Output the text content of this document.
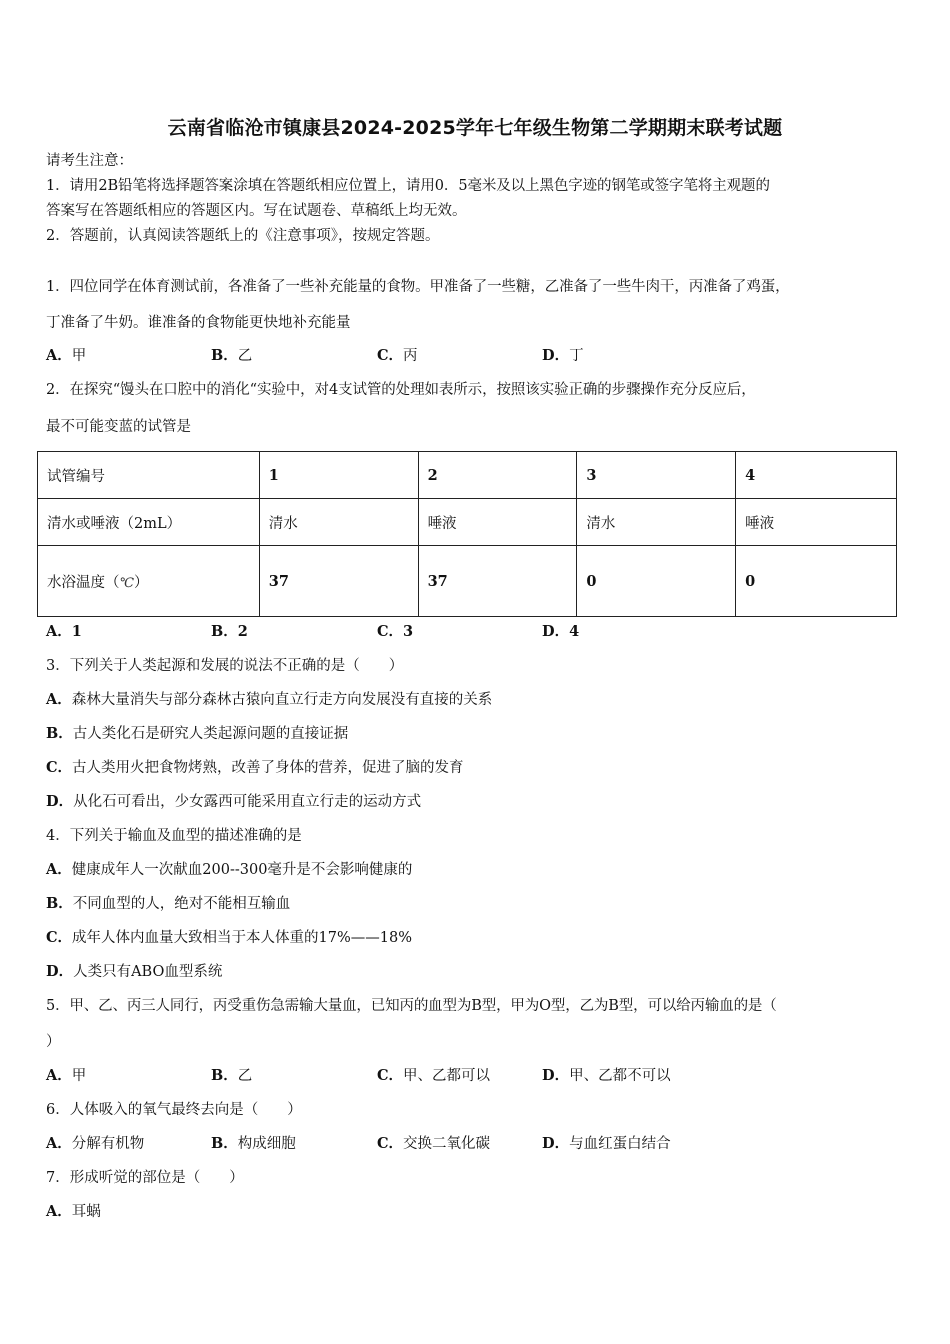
云南省临沧市镇康县2024-2025学年七年级生物第二学期期末联考试题
请考生注意：
1．请用2B铅笔将选择题答案涂填在答题纸相应位置上，请用0．5毫米及以上黑色字迹的钢笔或签字笔将主观题的
答案写在答题纸相应的答题区内。写在试题卷、草稿纸上均无效。
2．答题前，认真阅读答题纸上的《注意事项》，按规定答题。
1．四位同学在体育测试前，各准备了一些补充能量的食物。甲准备了一些糖，乙准备了一些牛肉干，丙准备了鸡蛋，
丁准备了牛奶。谁准备的食物能更快地补充能量
A．甲	B．乙	C．丙	D．丁
2．在探究“馒头在口腔中的消化“实验中，对4支试管的处理如表所示，按照该实验正确的步骤操作充分反应后，
最不可能变蓝的试管是
试管编号	1	2	3	4
清水或唾液（2mL）	清水	唾液	清水	唾液
水浴温度（℃）	37	37	0	0
A．1	B．2	C．3	D．4
3．下列关于人类起源和发展的说法不正确的是（　　）
A．森林大量消失与部分森林古猿向直立行走方向发展没有直接的关系
B．古人类化石是研究人类起源问题的直接证据
C．古人类用火把食物烤熟，改善了身体的营养，促进了脑的发育
D．从化石可看出，少女露西可能采用直立行走的运动方式
4．下列关于输血及血型的描述准确的是
A．健康成年人一次献血200--300毫升是不会影响健康的
B．不同血型的人，绝对不能相互输血
C．成年人体内血量大致相当于本人体重的17%——18%
D．人类只有ABO血型系统
5．甲、乙、丙三人同行，丙受重伤急需输大量血，已知丙的血型为B型，甲为O型，乙为B型，可以给丙输血的是（
）
A．甲	B．乙	C．甲、乙都可以	D．甲、乙都不可以
6．人体吸入的氧气最终去向是（　　）
A．分解有机物	B．构成细胞	C．交换二氧化碳	D．与血红蛋白结合
7．形成听觉的部位是（　　）
A．耳蜗
